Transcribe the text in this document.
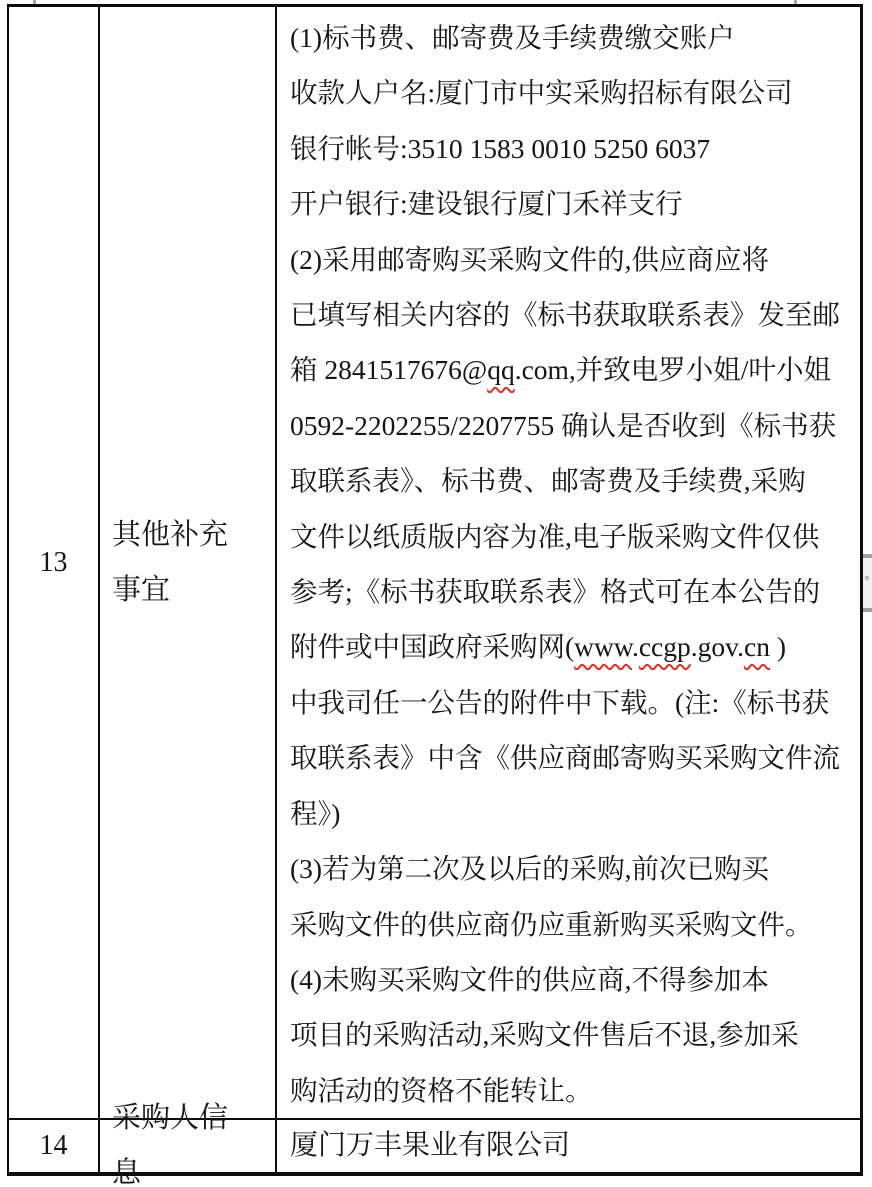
13
其他补充事宜
(1)标书费、邮寄费及手续费缴交账户
收款人户名:厦门市中实采购招标有限公司
银行帐号:3510 1583 0010 5250 6037
开户银行:建设银行厦门禾祥支行
(2)采用邮寄购买采购文件的,供应商应将
已填写相关内容的《标书获取联系表》发至邮
箱 2841517676@qq.com,并致电罗小姐/叶小姐
0592-2202255/2207755 确认是否收到《标书获
取联系表》、标书费、邮寄费及手续费,采购
文件以纸质版内容为准,电子版采购文件仅供
参考;《标书获取联系表》格式可在本公告的
附件或中国政府采购网(www.ccgp.gov.cn )
中我司任一公告的附件中下载。(注:《标书获
取联系表》中含《供应商邮寄购买采购文件流
程》)
(3)若为第二次及以后的采购,前次已购买
采购文件的供应商仍应重新购买采购文件。
(4)未购买采购文件的供应商,不得参加本
项目的采购活动,采购文件售后不退,参加采
购活动的资格不能转让。
14
采购人信息
厦门万丰果业有限公司
